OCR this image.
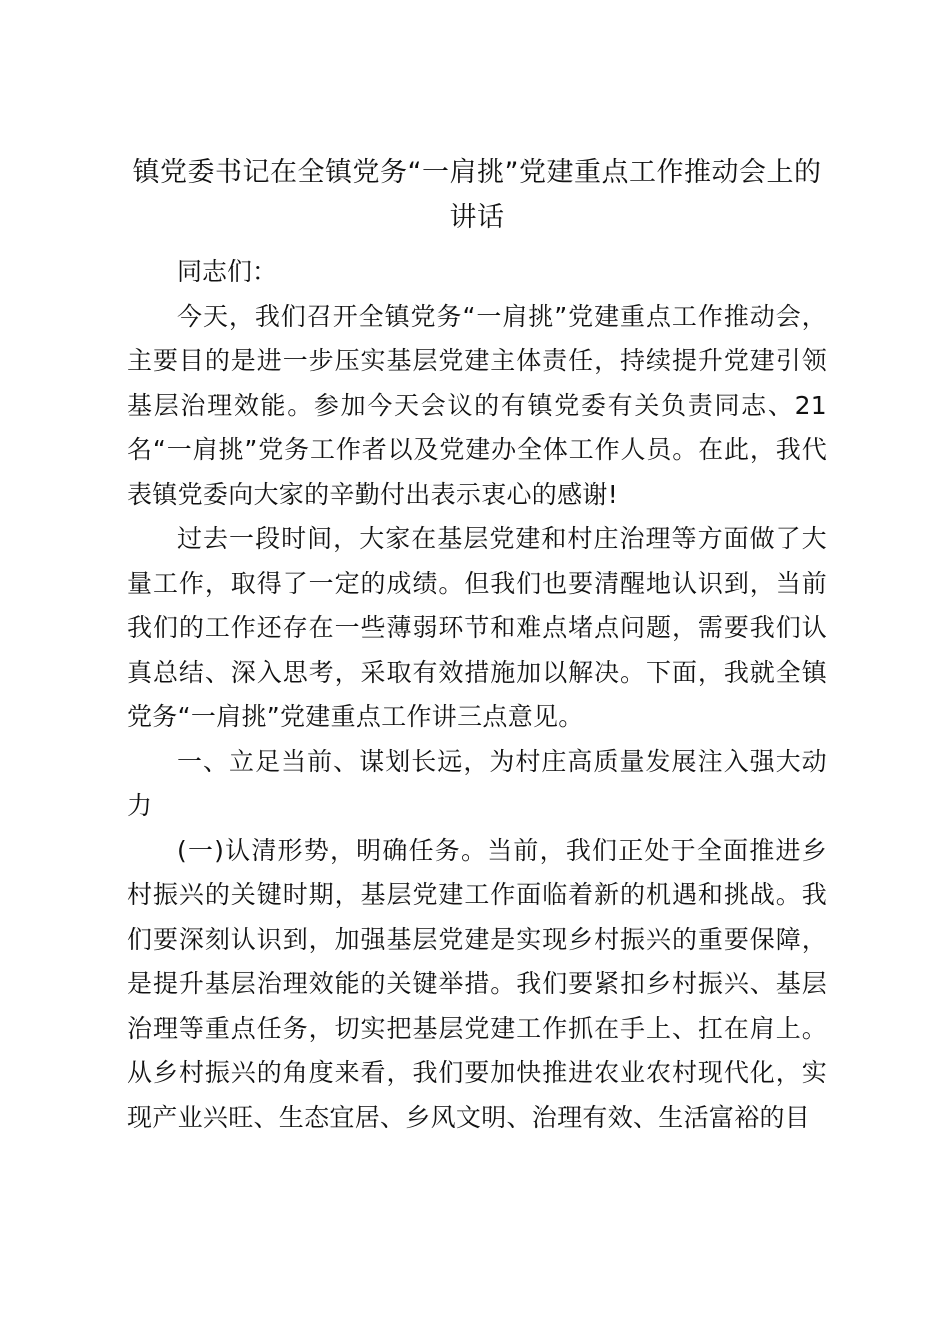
镇党委书记在全镇党务“一肩挑”党建重点工作推动会上的讲话

同志们：

今天，我们召开全镇党务“一肩挑”党建重点工作推动会，主要目的是进一步压实基层党建主体责任，持续提升党建引领基层治理效能。参加今天会议的有镇党委有关负责同志、21名“一肩挑”党务工作者以及党建办全体工作人员。在此，我代表镇党委向大家的辛勤付出表示衷心的感谢!

过去一段时间，大家在基层党建和村庄治理等方面做了大量工作，取得了一定的成绩。但我们也要清醒地认识到，当前我们的工作还存在一些薄弱环节和难点堵点问题，需要我们认真总结、深入思考，采取有效措施加以解决。下面，我就全镇党务“一肩挑”党建重点工作讲三点意见。

一、立足当前、谋划长远，为村庄高质量发展注入强大动力

(一)认清形势，明确任务。当前，我们正处于全面推进乡村振兴的关键时期，基层党建工作面临着新的机遇和挑战。我们要深刻认识到，加强基层党建是实现乡村振兴的重要保障，是提升基层治理效能的关键举措。我们要紧扣乡村振兴、基层治理等重点任务，切实把基层党建工作抓在手上、扛在肩上。从乡村振兴的角度来看，我们要加快推进农业农村现代化，实现产业兴旺、生态宜居、乡风文明、治理有效、生活富裕的目
